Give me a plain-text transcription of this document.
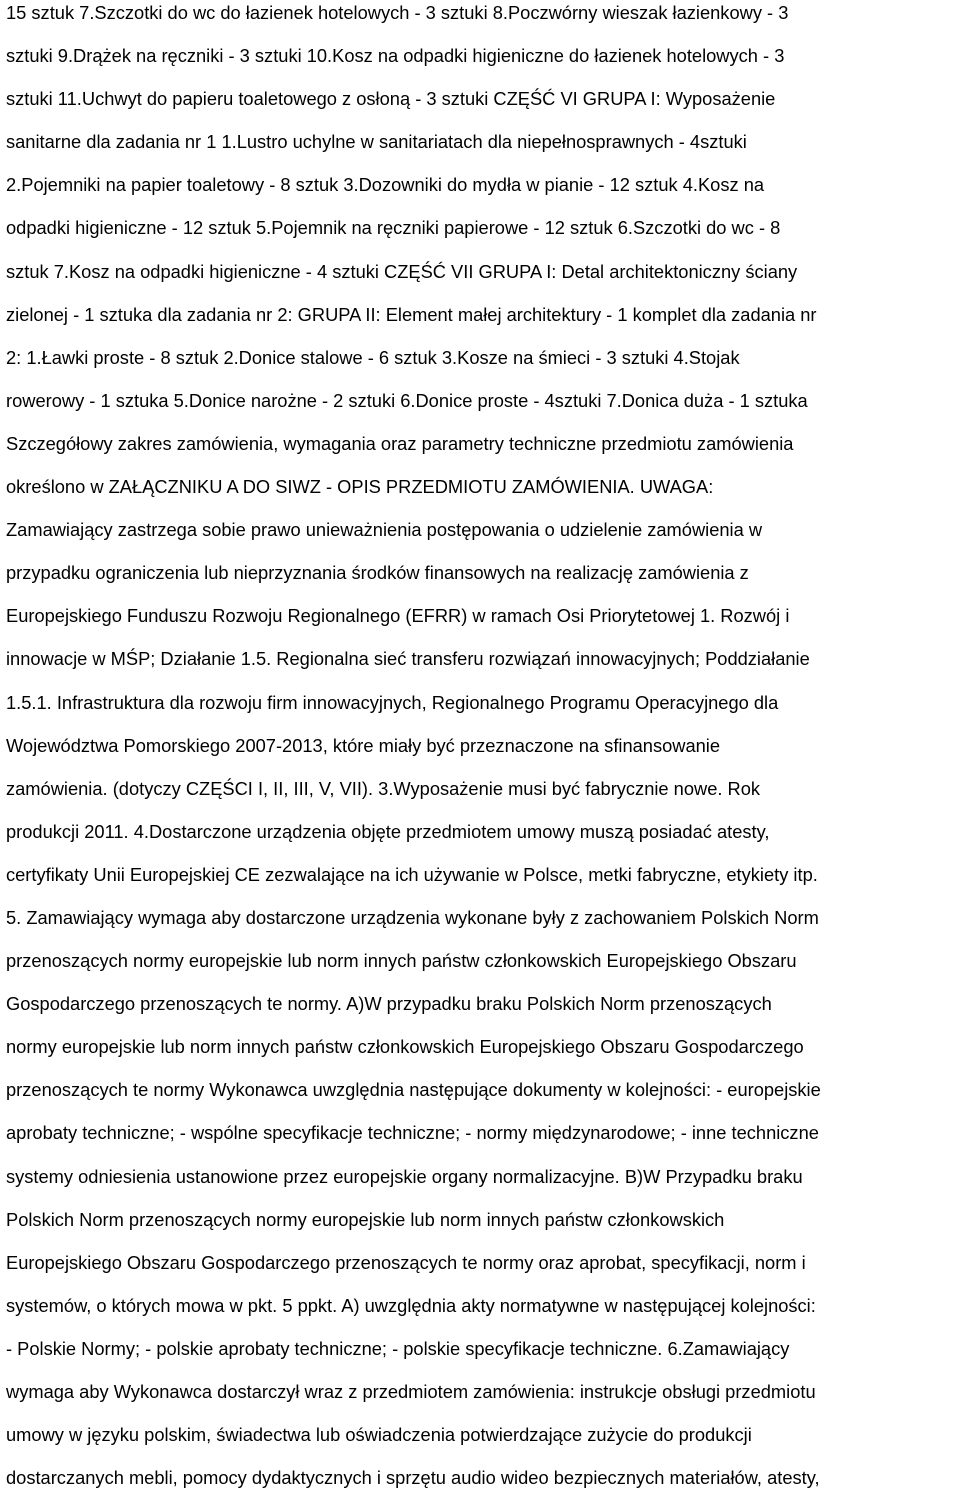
15 sztuk 7.Szczotki do wc do łazienek hotelowych - 3 sztuki 8.Poczwórny wieszak łazienkowy - 3
sztuki 9.Drążek na ręczniki - 3 sztuki 10.Kosz na odpadki higieniczne do łazienek hotelowych - 3
sztuki 11.Uchwyt do papieru toaletowego z osłoną - 3 sztuki CZĘŚĆ VI GRUPA I: Wyposażenie
sanitarne dla zadania nr 1 1.Lustro uchylne w sanitariatach dla niepełnosprawnych - 4sztuki
2.Pojemniki na papier toaletowy - 8 sztuk 3.Dozowniki do mydła w pianie - 12 sztuk 4.Kosz na
odpadki higieniczne - 12 sztuk 5.Pojemnik na ręczniki papierowe - 12 sztuk 6.Szczotki do wc - 8
sztuk 7.Kosz na odpadki higieniczne - 4 sztuki CZĘŚĆ VII GRUPA I: Detal architektoniczny ściany
zielonej - 1 sztuka dla zadania nr 2: GRUPA II: Element małej architektury - 1 komplet dla zadania nr
2: 1.Ławki proste - 8 sztuk 2.Donice stalowe - 6 sztuk 3.Kosze na śmieci - 3 sztuki 4.Stojak
rowerowy - 1 sztuka 5.Donice narożne - 2 sztuki 6.Donice proste - 4sztuki 7.Donica duża - 1 sztuka
Szczegółowy zakres zamówienia, wymagania oraz parametry techniczne przedmiotu zamówienia
określono w ZAŁĄCZNIKU A DO SIWZ - OPIS PRZEDMIOTU ZAMÓWIENIA. UWAGA:
Zamawiający zastrzega sobie prawo unieważnienia postępowania o udzielenie zamówienia w
przypadku ograniczenia lub nieprzyznania środków finansowych na realizację zamówienia z
Europejskiego Funduszu Rozwoju Regionalnego (EFRR) w ramach Osi Priorytetowej 1. Rozwój i
innowacje w MŚP; Działanie 1.5. Regionalna sieć transferu rozwiązań innowacyjnych; Poddziałanie
1.5.1. Infrastruktura dla rozwoju firm innowacyjnych, Regionalnego Programu Operacyjnego dla
Województwa Pomorskiego 2007-2013, które miały być przeznaczone na sfinansowanie
zamówienia. (dotyczy CZĘŚCI I, II, III, V, VII). 3.Wyposażenie musi być fabrycznie nowe. Rok
produkcji 2011. 4.Dostarczone urządzenia objęte przedmiotem umowy muszą posiadać atesty,
certyfikaty Unii Europejskiej CE zezwalające na ich używanie w Polsce, metki fabryczne, etykiety itp.
5. Zamawiający wymaga aby dostarczone urządzenia wykonane były z zachowaniem Polskich Norm
przenoszących normy europejskie lub norm innych państw członkowskich Europejskiego Obszaru
Gospodarczego przenoszących te normy. A)W przypadku braku Polskich Norm przenoszących
normy europejskie lub norm innych państw członkowskich Europejskiego Obszaru Gospodarczego
przenoszących te normy Wykonawca uwzględnia następujące dokumenty w kolejności: - europejskie
aprobaty techniczne; - wspólne specyfikacje techniczne; - normy międzynarodowe; - inne techniczne
systemy odniesienia ustanowione przez europejskie organy normalizacyjne. B)W Przypadku braku
Polskich Norm przenoszących normy europejskie lub norm innych państw członkowskich
Europejskiego Obszaru Gospodarczego przenoszących te normy oraz aprobat, specyfikacji, norm i
systemów, o których mowa w pkt. 5 ppkt. A) uwzględnia akty normatywne w następującej kolejności:
- Polskie Normy; - polskie aprobaty techniczne; - polskie specyfikacje techniczne. 6.Zamawiający
wymaga aby Wykonawca dostarczył wraz z przedmiotem zamówienia: instrukcje obsługi przedmiotu
umowy w języku polskim, świadectwa lub oświadczenia potwierdzające zużycie do produkcji
dostarczanych mebli, pomocy dydaktycznych i sprzętu audio wideo bezpiecznych materiałów, atesty,
